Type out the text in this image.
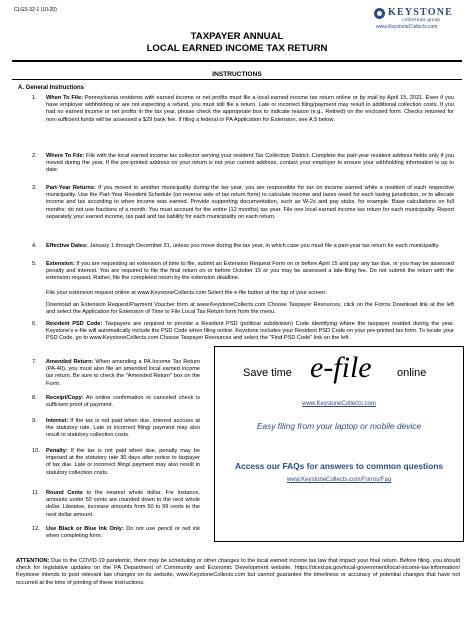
CLGS-32-1 (10-20)
TAXPAYER ANNUAL
LOCAL EARNED INCOME TAX RETURN
KEYSTONE
collections group
www.KeystoneCollects.com
INSTRUCTIONS
A. General Instructions
1.	When To File: Pennsylvania residents with earned income or net profits must file a local earned income tax return online or by mail by April 15, 2021. Even if you have employer withholding or are not expecting a refund, you must still file a return. Late or incorrect filing/payment may result in additional collection costs. If you had no earned income or net profits in the tax year, please check the appropriate box to indicate reason (e.g., Retired) on the enclosed form. Checks returned for non-sufficient funds will be assessed a $29 bank fee. If filing a federal or PA Application for Extension, see A.5 below.
2.	Where To File: File with the local earned income tax collector serving your resident Tax Collection District. Complete the part-year resident address fields only if you moved during the year. If the pre-printed address on your return is not your current address, contact your employer to ensure your withholding information is up to date.
3.	Part-Year Returns: If you moved to another municipality during the tax year, you are responsible for tax on income earned while a resident of each respective municipality. Use the Part-Year Resident Schedule (on reverse side of tax return form) to calculate income and taxes owed for each taxing jurisdiction, or to allocate income and tax according to when income was earned. Provide supporting documentation, such as W-2s and pay stubs, for example. Base calculations on full months; do not use fractions of a month. You must account for the entire (12 months) tax year. File one local earned income tax return for each municipality. Report separately your earned income, tax paid and tax liability for each municipality on each return.
4.	Effective Dates: January 1 through December 31, unless you move during the tax year, in which case you must file a part-year tax return for each municipality.
5.	Extension: If you are requesting an extension of time to file, submit an Extension Request Form on or before April 15 and pay any tax due, or you may be assessed penalty and interest. You are required to file the final return on or before October 15 or you may be assessed a late-filing fee. Do not submit the return with the extension request. Rather, file the completed return by the extension deadline.
File your extension request online at www.KeystoneCollects.com Select the e-file button at the top of your screen.
Download an Extension Request/Payment Voucher form at www.KeystoneCollects.com Choose Taxpayer Resources, click on the Forms Download link at the left and select the Application for Extension of Time to File Local Tax Return form from the menu.
6.	Resident PSD Code: Taxpayers are required to provide a Resident PSD (political subdivision) Code identifying where the taxpayer resided during the year. Keystone's e-file will automatically include the PSD Code when filing online. Keystone includes your Resident PSD Code on your pre-printed tax form. To locate your PSD Code, go to www.KeystoneCollects.com Choose Taxpayer Resources and select the "Find PSD Code" link on the left.
7.	Amended Return: When amending a PA Income Tax Return (PA-40), you must also file an amended local earned income tax return. Be sure to check the "Amended Return" box on the Form.
8.	Receipt/Copy: An online confirmation or canceled check is sufficient proof of payment.
9.	Interest: If the tax is not paid when due, interest accrues at the statutory rate. Late or incorrect filing/ payment may also result in statutory collection costs.
10.	Penalty: If the tax is not paid when due, penalty may be imposed at the statutory rate 30 days after notice to taxpayer of tax due. Late or incorrect filing/ payment may also result in statutory collection costs.
11.	Round Cents to the nearest whole dollar. For instance, amounts under 50 cents are rounded down to the next whole dollar. Likewise, increase amounts from 50 to 99 cents to the next dollar amount.
12.	Use Black or Blue Ink Only: Do not use pencil or red ink when completing form.
Save time e-file online
www.KeystoneCollects.com
Easy filing from your laptop or mobile device
Access our FAQs for answers to common questions
www.KeystoneCollects.com/Forms/Faq
ATTENTION: Due to the COVID-19 pandemic, there may be scheduling or other changes to the local earned income tax law that impact your final return. Before filing, you should check for legislative updates on the PA Department of Community and Economic Development website, https://dced.pa.gov/local-government/local-income-tax-information/ Keystone intends to post relevant law changes on its website, www.KeystoneCollects.com but cannot guarantee the timeliness or accuracy of potential changes that have not occurred at the time of printing of these Instructions.
